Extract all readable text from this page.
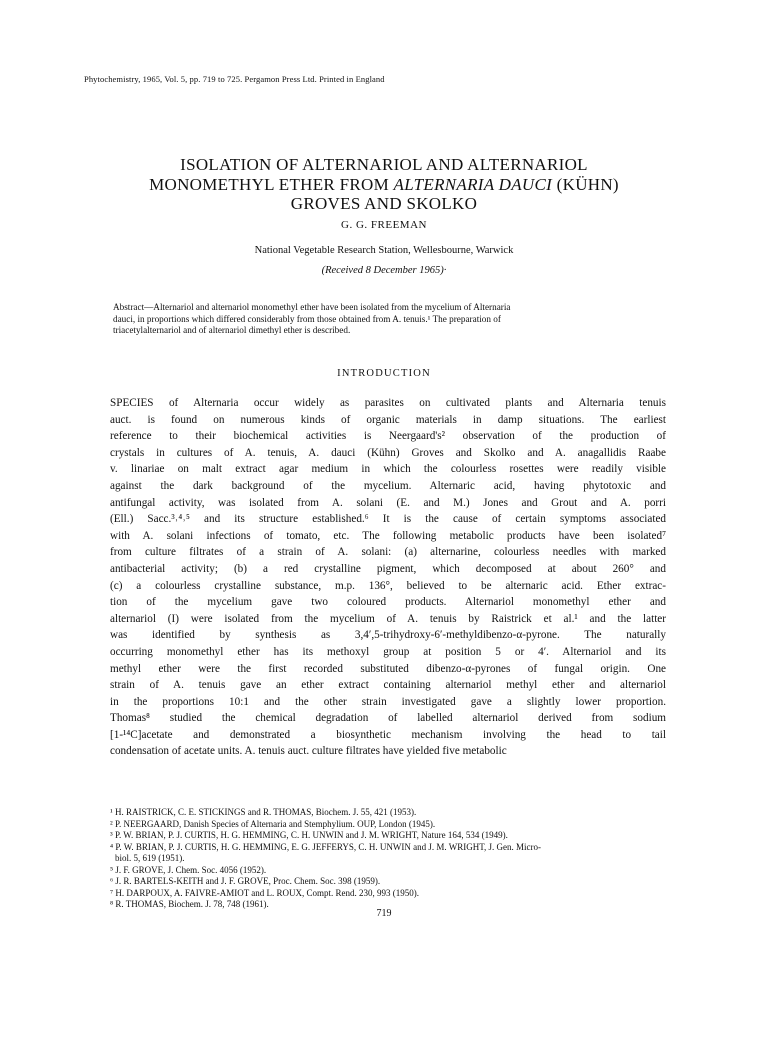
Phytochemistry, 1965, Vol. 5, pp. 719 to 725. Pergamon Press Ltd. Printed in England
ISOLATION OF ALTERNARIOL AND ALTERNARIOL
MONOMETHYL ETHER FROM ALTERNARIA DAUCI (KÜHN)
GROVES AND SKOLKO
G. G. FREEMAN
National Vegetable Research Station, Wellesbourne, Warwick
(Received 8 December 1965)·
Abstract—Alternariol and alternariol monomethyl ether have been isolated from the mycelium of Alternaria
dauci, in proportions which differed considerably from those obtained from A. tenuis.¹ The preparation of
triacetylalternariol and of alternariol dimethyl ether is described.
INTRODUCTION
SPECIES of Alternaria occur widely as parasites on cultivated plants and Alternaria tenuis
auct. is found on numerous kinds of organic materials in damp situations. The earliest
reference to their biochemical activities is Neergaard's² observation of the production of
crystals in cultures of A. tenuis, A. dauci (Kühn) Groves and Skolko and A. anagallidis Raabe
v. linariae on malt extract agar medium in which the colourless rosettes were readily visible
against the dark background of the mycelium. Alternaric acid, having phytotoxic and
antifungal activity, was isolated from A. solani (E. and M.) Jones and Grout and A. porri
(Ell.) Sacc.³˒⁴˒⁵ and its structure established.⁶ It is the cause of certain symptoms associated
with A. solani infections of tomato, etc. The following metabolic products have been isolated⁷
from culture filtrates of a strain of A. solani: (a) alternarine, colourless needles with marked
antibacterial activity; (b) a red crystalline pigment, which decomposed at about 260° and
(c) a colourless crystalline substance, m.p. 136°, believed to be alternaric acid. Ether extrac-
tion of the mycelium gave two coloured products. Alternariol monomethyl ether and
alternariol (I) were isolated from the mycelium of A. tenuis by Raistrick et al.¹ and the latter
was identified by synthesis as 3,4′,5-trihydroxy-6′-methyldibenzo-α-pyrone. The naturally
occurring monomethyl ether has its methoxyl group at position 5 or 4′. Alternariol and its
methyl ether were the first recorded substituted dibenzo-α-pyrones of fungal origin. One
strain of A. tenuis gave an ether extract containing alternariol methyl ether and alternariol
in the proportions 10:1 and the other strain investigated gave a slightly lower proportion.
Thomas⁸ studied the chemical degradation of labelled alternariol derived from sodium
[1-¹⁴C]acetate and demonstrated a biosynthetic mechanism involving the head to tail
condensation of acetate units. A. tenuis auct. culture filtrates have yielded five metabolic
¹ H. RAISTRICK, C. E. STICKINGS and R. THOMAS, Biochem. J. 55, 421 (1953).
² P. NEERGAARD, Danish Species of Alternaria and Stemphylium. OUP, London (1945).
³ P. W. BRIAN, P. J. CURTIS, H. G. HEMMING, C. H. UNWIN and J. M. WRIGHT, Nature 164, 534 (1949).
⁴ P. W. BRIAN, P. J. CURTIS, H. G. HEMMING, E. G. JEFFERYS, C. H. UNWIN and J. M. WRIGHT, J. Gen. Micro-
biol. 5, 619 (1951).
⁵ J. F. GROVE, J. Chem. Soc. 4056 (1952).
⁶ J. R. BARTELS-KEITH and J. F. GROVE, Proc. Chem. Soc. 398 (1959).
⁷ H. DARPOUX, A. FAIVRE-AMIOT and L. ROUX, Compt. Rend. 230, 993 (1950).
⁸ R. THOMAS, Biochem. J. 78, 748 (1961).
719
